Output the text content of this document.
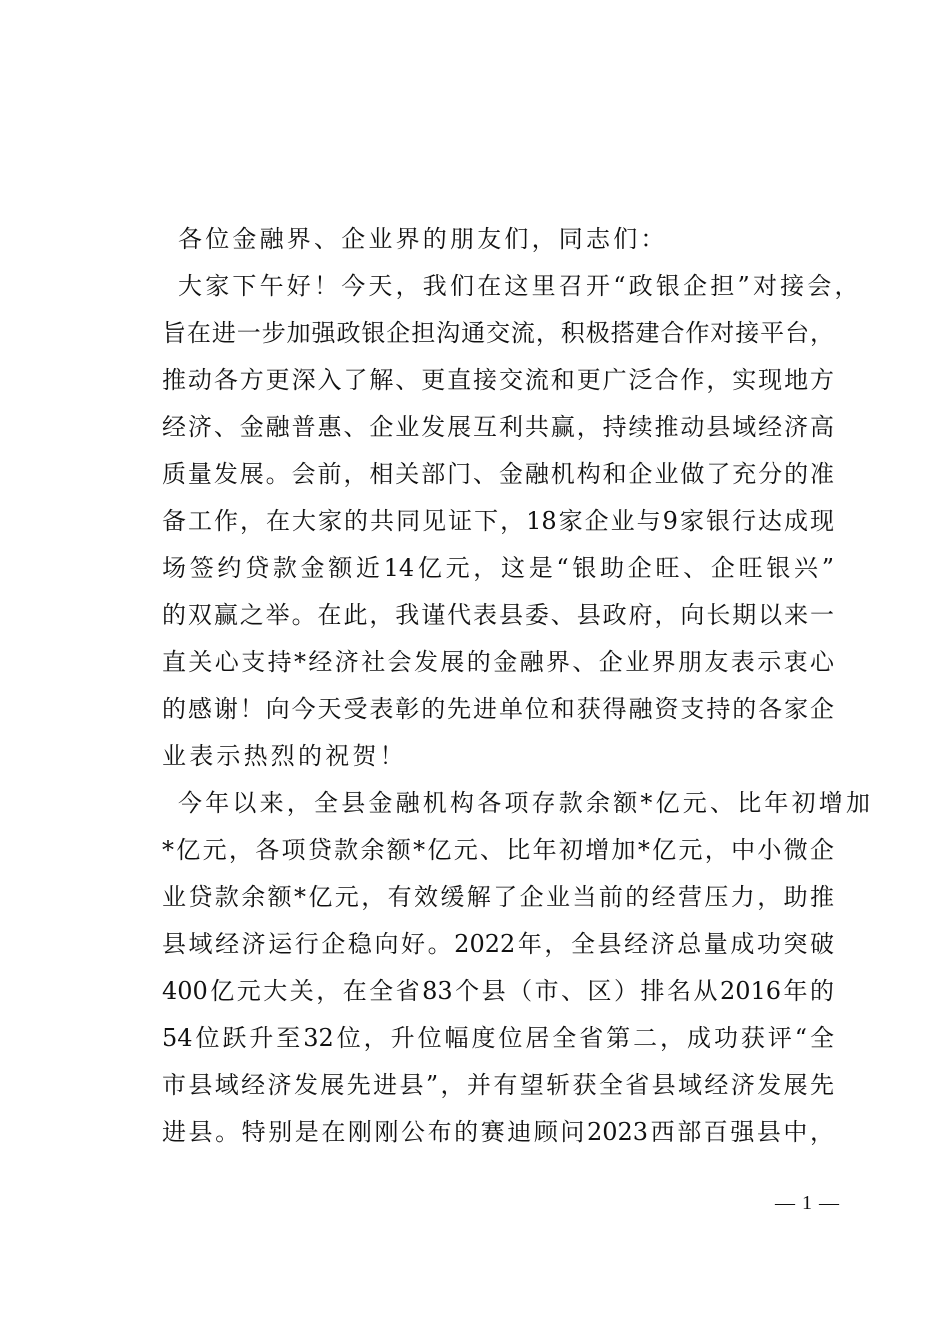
各位金融界、企业界的朋友们，同志们：
大家下午好！今天，我们在这里召开“政银企担”对接会，
旨在进一步加强政银企担沟通交流，积极搭建合作对接平台，
推动各方更深入了解、更直接交流和更广泛合作，实现地方
经济、金融普惠、企业发展互利共赢，持续推动县域经济高
质量发展。会前，相关部门、金融机构和企业做了充分的准
备工作，在大家的共同见证下，18家企业与9家银行达成现
场签约贷款金额近14亿元，这是“银助企旺、企旺银兴”
的双赢之举。在此，我谨代表县委、县政府，向长期以来一
直关心支持*经济社会发展的金融界、企业界朋友表示衷心
的感谢！向今天受表彰的先进单位和获得融资支持的各家企
业表示热烈的祝贺！
今年以来，全县金融机构各项存款余额*亿元、比年初增加
*亿元，各项贷款余额*亿元、比年初增加*亿元，中小微企
业贷款余额*亿元，有效缓解了企业当前的经营压力，助推
县域经济运行企稳向好。2022年，全县经济总量成功突破
400亿元大关，在全省83个县（市、区）排名从2016年的
54位跃升至32位，升位幅度位居全省第二，成功获评“全
市县域经济发展先进县”，并有望斩获全省县域经济发展先
进县。特别是在刚刚公布的赛迪顾问2023西部百强县中，
— 1 —
